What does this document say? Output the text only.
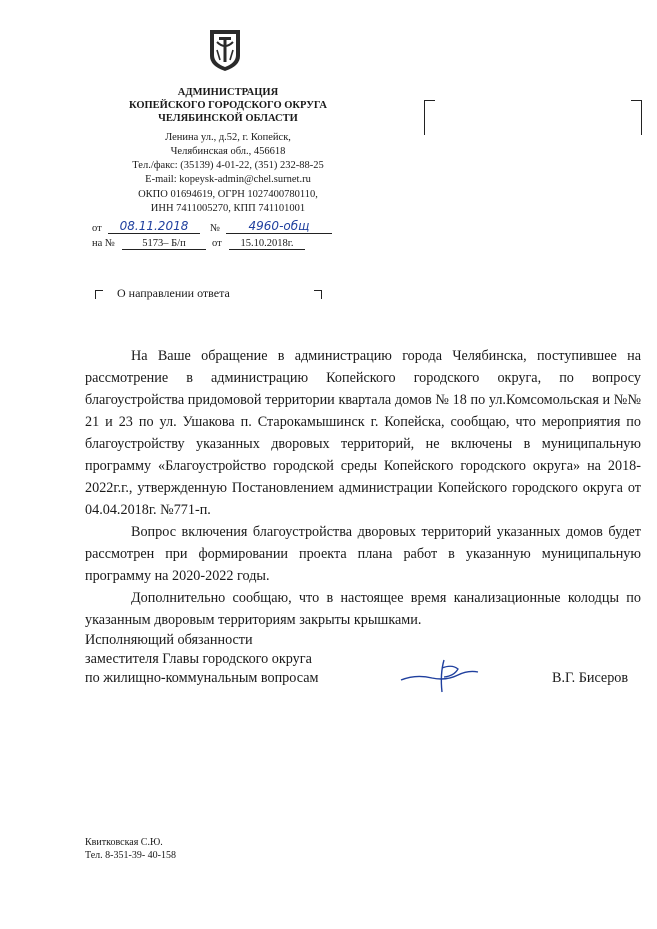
АДМИНИСТРАЦИЯ
КОПЕЙСКОГО ГОРОДСКОГО ОКРУГА
ЧЕЛЯБИНСКОЙ ОБЛАСТИ
Ленина ул., д.52, г. Копейск,
Челябинская обл., 456618
Тел./факс: (35139) 4-01-22, (351) 232-88-25
E-mail: kopeysk-admin@chel.surnet.ru
ОКПО 01694619, ОГРН 1027400780110,
ИНН 7411005270, КПП 741101001
от	08.11.2018	№	4960-общ
на №	5173– Б/п	от	15.10.2018г.
О направлении ответа

На Ваше обращение в администрацию города Челябинска, поступившее на рассмотрение в администрацию Копейского городского округа, по вопросу благоустройства придомовой территории квартала домов № 18 по ул.Комсомольская и №№ 21 и 23 по ул. Ушакова п. Старокамышинск г. Копейска, сообщаю, что мероприятия по благоустройству указанных дворовых территорий, не включены в муниципальную программу «Благоустройство городской среды Копейского городского округа» на 2018-2022г.г., утвержденную Постановлением администрации Копейского городского округа от 04.04.2018г. №771-п.

Вопрос включения благоустройства дворовых территорий указанных домов будет рассмотрен при формировании проекта плана работ в указанную муниципальную программу на 2020-2022 годы.

Дополнительно сообщаю, что в настоящее время канализационные колодцы по указанным дворовым территориям закрыты крышками.

Исполняющий обязанности
заместителя Главы городского округа
по жилищно-коммунальным вопросам	В.Г. Бисеров
Квитковская С.Ю.
Тел. 8-351-39- 40-158
